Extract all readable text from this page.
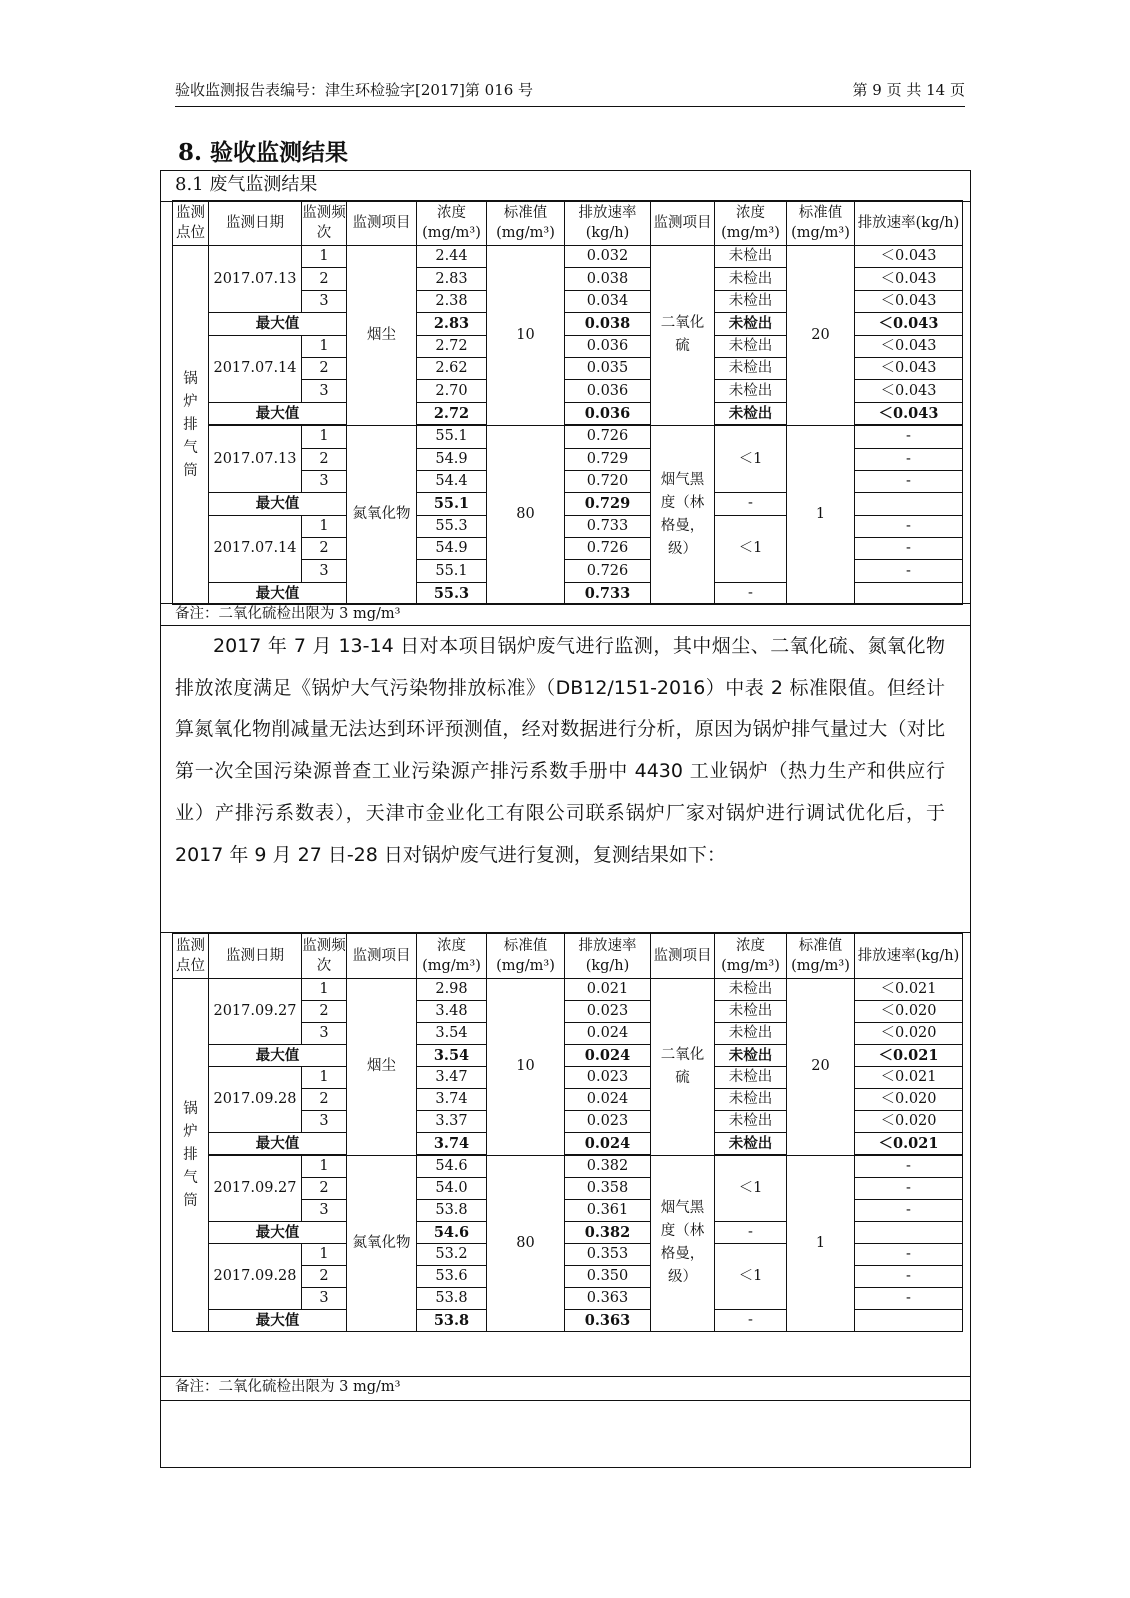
验收监测报告表编号：津生环检验字[2017]第 016 号	第 9 页 共 14 页
8. 验收监测结果
8.1 废气监测结果
监测点位	监测日期	监测频次	监测项目	浓度(mg/m³)	标准值(mg/m³)	排放速率(kg/h)	监测项目	浓度(mg/m³)	标准值(mg/m³)	排放速率(kg/h)
锅炉排气筒	2017.07.13	1	烟尘	2.44	10	0.032	二氧化硫	未检出	20	＜0.043
		2		2.83		0.038		未检出		＜0.043
		3		2.38		0.034		未检出		＜0.043
	最大值			2.83		0.038		未检出		＜0.043
	2017.07.14	1		2.72		0.036		未检出		＜0.043
		2		2.62		0.035		未检出		＜0.043
		3		2.70		0.036		未检出		＜0.043
	最大值			2.72		0.036		未检出		＜0.043
	2017.07.13	1	氮氧化物	55.1	80	0.726	烟气黑度（林格曼，级）	＜1	1	-
		2		54.9		0.729				-
		3		54.4		0.720				-
	最大值			55.1		0.729		-		
	2017.07.14	1		55.3		0.733		＜1		-
		2		54.9		0.726				-
		3		55.1		0.726				-
	最大值			55.3		0.733		-		
备注：二氧化硫检出限为 3 mg/m³

2017 年 7 月 13-14 日对本项目锅炉废气进行监测，其中烟尘、二氧化硫、氮氧化物排放浓度满足《锅炉大气污染物排放标准》（DB12/151-2016）中表 2 标准限值。但经计算氮氧化物削减量无法达到环评预测值，经对数据进行分析，原因为锅炉排气量过大（对比第一次全国污染源普查工业污染源产排污系数手册中 4430 工业锅炉（热力生产和供应行业）产排污系数表），天津市金业化工有限公司联系锅炉厂家对锅炉进行调试优化后，于 2017 年 9 月 27 日-28 日对锅炉废气进行复测，复测结果如下：

监测点位	监测日期	监测频次	监测项目	浓度(mg/m³)	标准值(mg/m³)	排放速率(kg/h)	监测项目	浓度(mg/m³)	标准值(mg/m³)	排放速率(kg/h)
锅炉排气筒	2017.09.27	1	烟尘	2.98	10	0.021	二氧化硫	未检出	20	＜0.021
		2		3.48		0.023		未检出		＜0.020
		3		3.54		0.024		未检出		＜0.020
	最大值			3.54		0.024		未检出		＜0.021
	2017.09.28	1		3.47		0.023		未检出		＜0.021
		2		3.74		0.024		未检出		＜0.020
		3		3.37		0.023		未检出		＜0.020
	最大值			3.74		0.024		未检出		＜0.021
	2017.09.27	1	氮氧化物	54.6	80	0.382	烟气黑度（林格曼，级）	＜1	1	-
		2		54.0		0.358				-
		3		53.8		0.361				-
	最大值			54.6		0.382		-		
	2017.09.28	1		53.2		0.353		＜1		-
		2		53.6		0.350				-
		3		53.8		0.363				-
	最大值			53.8		0.363		-		
备注：二氧化硫检出限为 3 mg/m³
